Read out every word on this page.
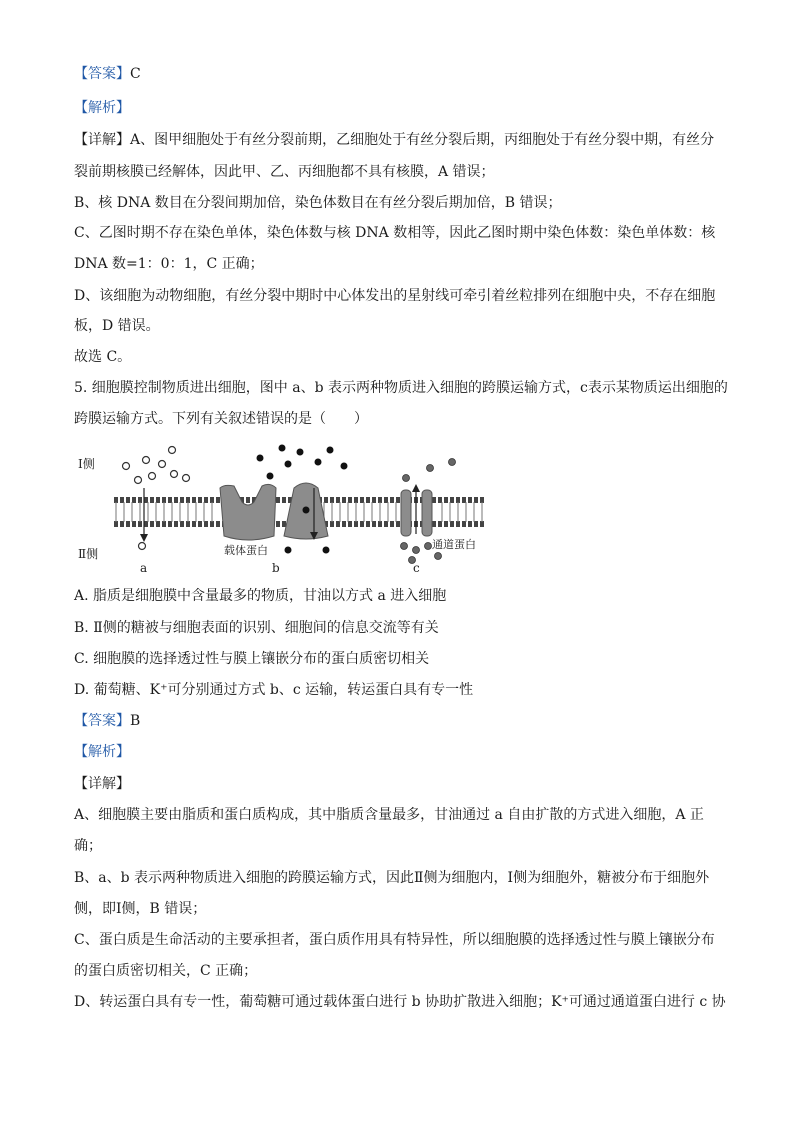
【答案】C
【解析】
【详解】A、图甲细胞处于有丝分裂前期，乙细胞处于有丝分裂后期，丙细胞处于有丝分裂中期，有丝分
裂前期核膜已经解体，因此甲、乙、丙细胞都不具有核膜，A 错误；
B、核 DNA 数目在分裂间期加倍，染色体数目在有丝分裂后期加倍，B 错误；
C、乙图时期不存在染色单体，染色体数与核 DNA 数相等，因此乙图时期中染色体数：染色单体数：核
DNA 数=1：0：1，C 正确；
D、该细胞为动物细胞，有丝分裂中期时中心体发出的星射线可牵引着丝粒排列在细胞中央，不存在细胞
板，D 错误。
故选 C。
5. 细胞膜控制物质进出细胞，图中 a、b 表示两种物质进入细胞的跨膜运输方式，c表示某物质运出细胞的
跨膜运输方式。下列有关叙述错误的是（　　）
Ⅰ侧
Ⅱ侧
a
载体蛋白
b
通道蛋白
c
A. 脂质是细胞膜中含量最多的物质，甘油以方式 a 进入细胞
B. Ⅱ侧的糖被与细胞表面的识别、细胞间的信息交流等有关
C. 细胞膜的选择透过性与膜上镶嵌分布的蛋白质密切相关
D. 葡萄糖、K⁺可分别通过方式 b、c 运输，转运蛋白具有专一性
【答案】B
【解析】
【详解】
A、细胞膜主要由脂质和蛋白质构成，其中脂质含量最多，甘油通过 a 自由扩散的方式进入细胞，A 正
确；
B、a、b 表示两种物质进入细胞的跨膜运输方式，因此Ⅱ侧为细胞内，Ⅰ侧为细胞外，糖被分布于细胞外
侧，即Ⅰ侧，B 错误；
C、蛋白质是生命活动的主要承担者，蛋白质作用具有特异性，所以细胞膜的选择透过性与膜上镶嵌分布
的蛋白质密切相关，C 正确；
D、转运蛋白具有专一性，葡萄糖可通过载体蛋白进行 b 协助扩散进入细胞；K⁺可通过通道蛋白进行 c 协
